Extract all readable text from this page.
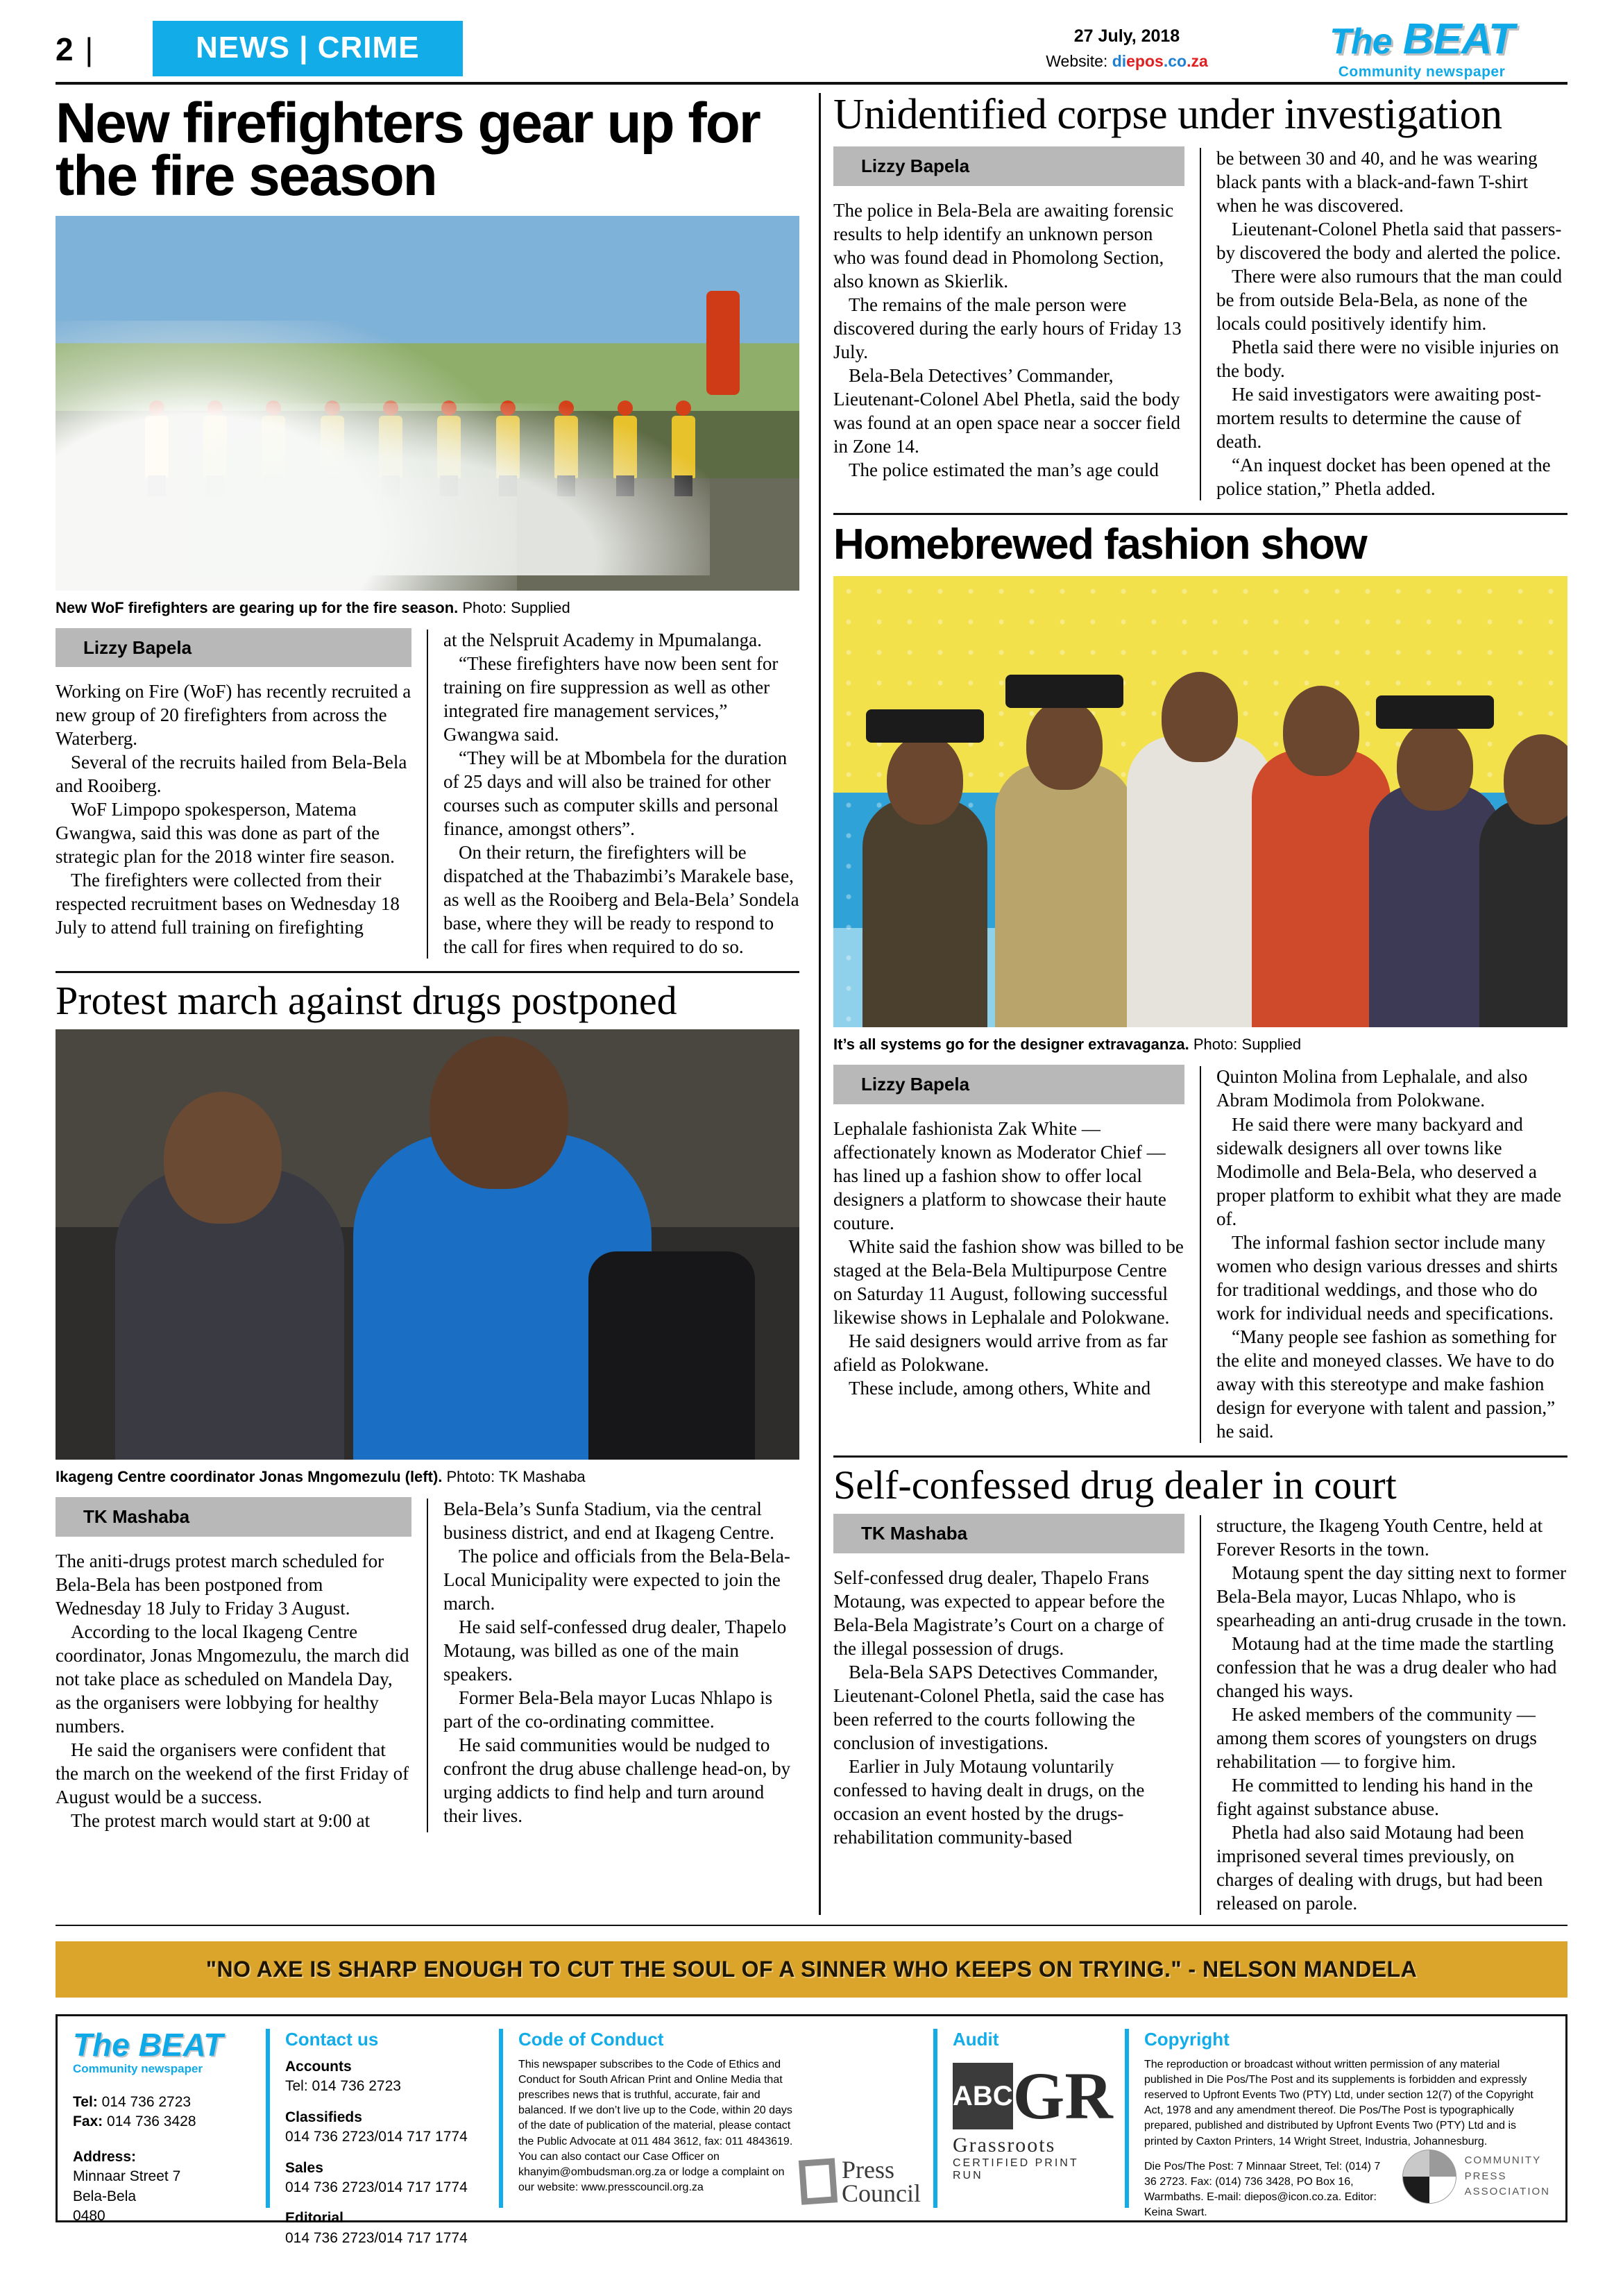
2 |	NEWS | CRIME	27 July, 2018
Website: diepos.co.za	The BEAT
Community newspaper
New firefighters gear up for the fire season
New WoF firefighters are gearing up for the fire season. Photo: Supplied
Lizzy Bapela

Working on Fire (WoF) has recently recruited a new group of 20 firefighters from across the Waterberg.

Several of the recruits hailed from Bela-Bela and Rooiberg.

WoF Limpopo spokesperson, Matema Gwangwa, said this was done as part of the strategic plan for the 2018 winter fire season.

The firefighters were collected from their respected recruitment bases on Wednesday 18 July to attend full training on firefighting

at the Nelspruit Academy in Mpumalanga.

“These firefighters have now been sent for training on fire suppression as well as other integrated fire management services,” Gwangwa said.

“They will be at Mbombela for the duration of 25 days and will also be trained for other courses such as computer skills and personal finance, amongst others”.

On their return, the firefighters will be dispatched at the Thabazimbi’s Marakele base, as well as the Rooiberg and Bela-Bela’ Sondela base, where they will be ready to respond to the call for fires when required to do so.

Protest march against drugs postponed
Ikageng Centre coordinator Jonas Mngomezulu (left). Phtoto: TK Mashaba
TK Mashaba

The aniti-drugs protest march scheduled for Bela-Bela has been postponed from Wednesday 18 July to Friday 3 August.

According to the local Ikageng Centre coordinator, Jonas Mngomezulu, the march did not take place as scheduled on Mandela Day, as the organisers were lobbying for healthy numbers.

He said the organisers were confident that the march on the weekend of the first Friday of August would be a success.

The protest march would start at 9:00 at

Bela-Bela’s Sunfa Stadium, via the central business district, and end at Ikageng Centre.

The police and officials from the Bela-Bela-Local Municipality were expected to join the march.

He said self-confessed drug dealer, Thapelo Motaung, was billed as one of the main speakers.

Former Bela-Bela mayor Lucas Nhlapo is part of the co-ordinating committee.

He said communities would be nudged to confront the drug abuse challenge head-on, by urging addicts to find help and turn around their lives.

Unidentified corpse under investigation
Lizzy Bapela

The police in Bela-Bela are awaiting forensic results to help identify an unknown person who was found dead in Phomolong Section, also known as Skierlik.

The remains of the male person were discovered during the early hours of Friday 13 July.

Bela-Bela Detectives’ Commander, Lieutenant-Colonel Abel Phetla, said the body was found at an open space near a soccer field in Zone 14.

The police estimated the man’s age could

be between 30 and 40, and he was wearing black pants with a black-and-fawn T-shirt when he was discovered.

Lieutenant-Colonel Phetla said that passers-by discovered the body and alerted the police.

There were also rumours that the man could be from outside Bela-Bela, as none of the locals could positively identify him.

Phetla said there were no visible injuries on the body.

He said investigators were awaiting post-mortem results to determine the cause of death.

“An inquest docket has been opened at the police station,” Phetla added.

Homebrewed fashion show
It’s all systems go for the designer extravaganza. Photo: Supplied
Lizzy Bapela

Lephalale fashionista Zak White — affectionately known as Moderator Chief — has lined up a fashion show to offer local designers a platform to showcase their haute couture.

White said the fashion show was billed to be staged at the Bela-Bela Multipurpose Centre on Saturday 11 August, following successful likewise shows in Lephalale and Polokwane.

He said designers would arrive from as far afield as Polokwane.

These include, among others, White and

Quinton Molina from Lephalale, and also Abram Modimola from Polokwane.

He said there were many backyard and sidewalk designers all over towns like Modimolle and Bela-Bela, who deserved a proper platform to exhibit what they are made of.

The informal fashion sector include many women who design various dresses and shirts for traditional weddings, and those who do work for individual needs and specifications.

“Many people see fashion as something for the elite and moneyed classes. We have to do away with this stereotype and make fashion design for everyone with talent and passion,” he said.

Self-confessed drug dealer in court
TK Mashaba

Self-confessed drug dealer, Thapelo Frans Motaung, was expected to appear before the Bela-Bela Magistrate’s Court on a charge of the illegal possession of drugs.

Bela-Bela SAPS Detectives Commander, Lieutenant-Colonel Phetla, said the case has been referred to the courts following the conclusion of investigations.

Earlier in July Motaung voluntarily confessed to having dealt in drugs, on the occasion an event hosted by the drugs-rehabilitation community-based

structure, the Ikageng Youth Centre, held at Forever Resorts in the town.

Motaung spent the day sitting next to former Bela-Bela mayor, Lucas Nhlapo, who is spearheading an anti-drug crusade in the town.

Motaung had at the time made the startling confession that he was a drug dealer who had changed his ways.

He asked members of the community — among them scores of youngsters on drugs rehabilitation — to forgive him.

He committed to lending his hand in the fight against substance abuse.

Phetla had also said Motaung had been imprisoned several times previously, on charges of dealing with drugs, but had been released on parole.

"NO AXE IS SHARP ENOUGH TO CUT THE SOUL OF A SINNER WHO KEEPS ON TRYING." - NELSON MANDELA
The BEAT
Community newspaper
Tel: 014 736 2723
Fax: 014 736 3428
Address:
Minnaar Street 7
Bela-Bela
0480
Contact us
Accounts
Tel: 014 736 2723
Classifieds
014 736 2723/014 717 1774
Sales
014 736 2723/014 717 1774
Editorial
014 736 2723/014 717 1774
Code of Conduct
This newspaper subscribes to the Code of Ethics and Conduct for South African Print and Online Media that prescribes news that is truthful, accurate, fair and balanced. If we don’t live up to the Code, within 20 days of the date of publication of the material, please contact the Public Advocate at 011 484 3612, fax: 011 4843619. You can also contact our Case Officer on khanyim@ombudsman.org.za or lodge a complaint on our website: www.presscouncil.org.za
Press
Council
Audit
ABC GR
Grassroots
CERTIFIED PRINT RUN
Copyright
The reproduction or broadcast without written permission of any material published in Die Pos/The Post and its supplements is forbidden and expressly reserved to Upfront Events Two (PTY) Ltd, under section 12(7) of the Copyright Act, 1978 and any amendment thereof. Die Pos/The Post is typographically prepared, published and distributed by Upfront Events Two (PTY) Ltd and is printed by Caxton Printers, 14 Wright Street, Industria, Johannesburg.
Die Pos/The Post: 7 Minnaar Street, Tel: (014) 7 36 2723. Fax: (014) 736 3428, PO Box 16, Warmbaths. E-mail: diepos@icon.co.za. Editor: Keina Swart.
COMMUNITY
PRESS
ASSOCIATION
